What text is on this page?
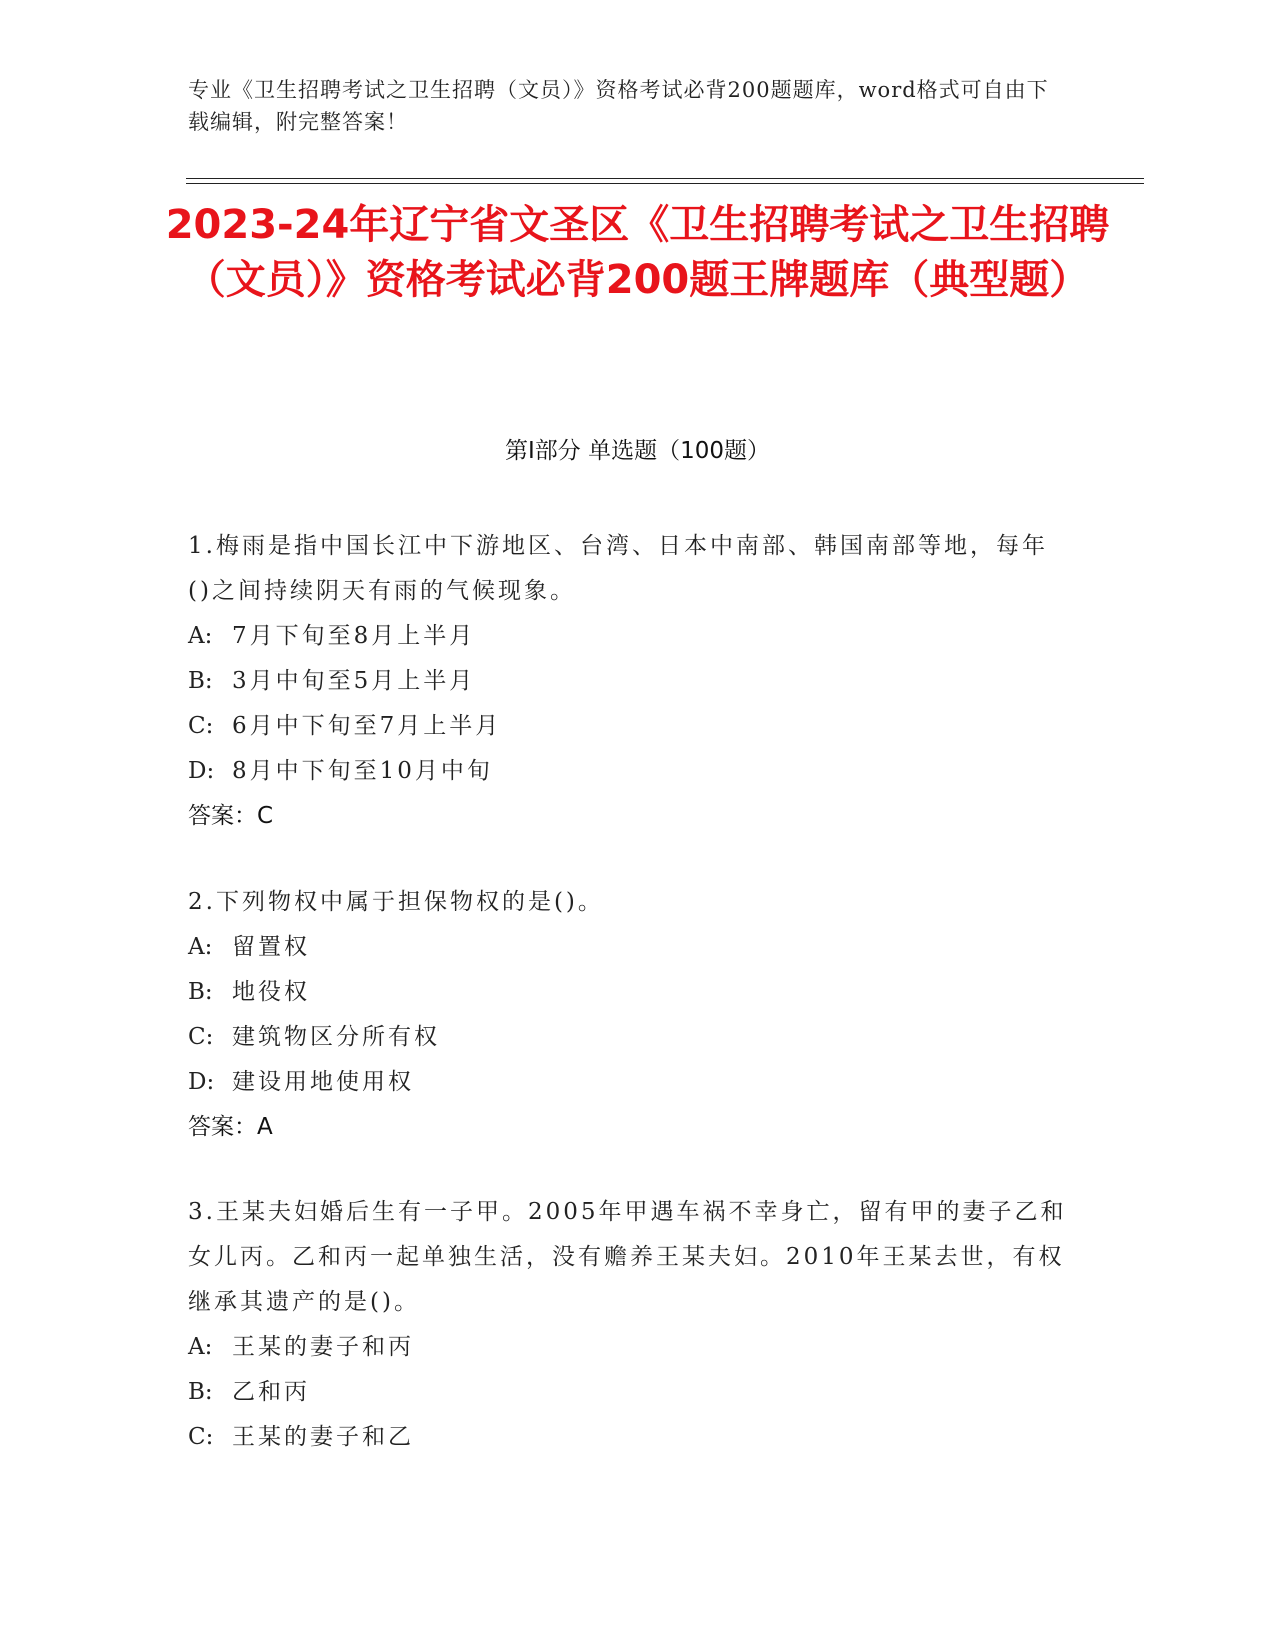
专业《卫生招聘考试之卫生招聘（文员）》资格考试必背200题题库，word格式可自由下载编辑，附完整答案！
2023-24年辽宁省文圣区《卫生招聘考试之卫生招聘（文员）》资格考试必背200题王牌题库（典型题）
第Ⅰ部分 单选题（100题）
1.梅雨是指中国长江中下游地区、台湾、日本中南部、韩国南部等地，每年()之间持续阴天有雨的气候现象。
A: 7月下旬至8月上半月
B: 3月中旬至5月上半月
C: 6月中下旬至7月上半月
D: 8月中下旬至10月中旬
答案：C
2.下列物权中属于担保物权的是()。
A: 留置权
B: 地役权
C: 建筑物区分所有权
D: 建设用地使用权
答案：A
3.王某夫妇婚后生有一子甲。2005年甲遇车祸不幸身亡，留有甲的妻子乙和女儿丙。乙和丙一起单独生活，没有赡养王某夫妇。2010年王某去世，有权继承其遗产的是()。
A: 王某的妻子和丙
B: 乙和丙
C: 王某的妻子和乙
